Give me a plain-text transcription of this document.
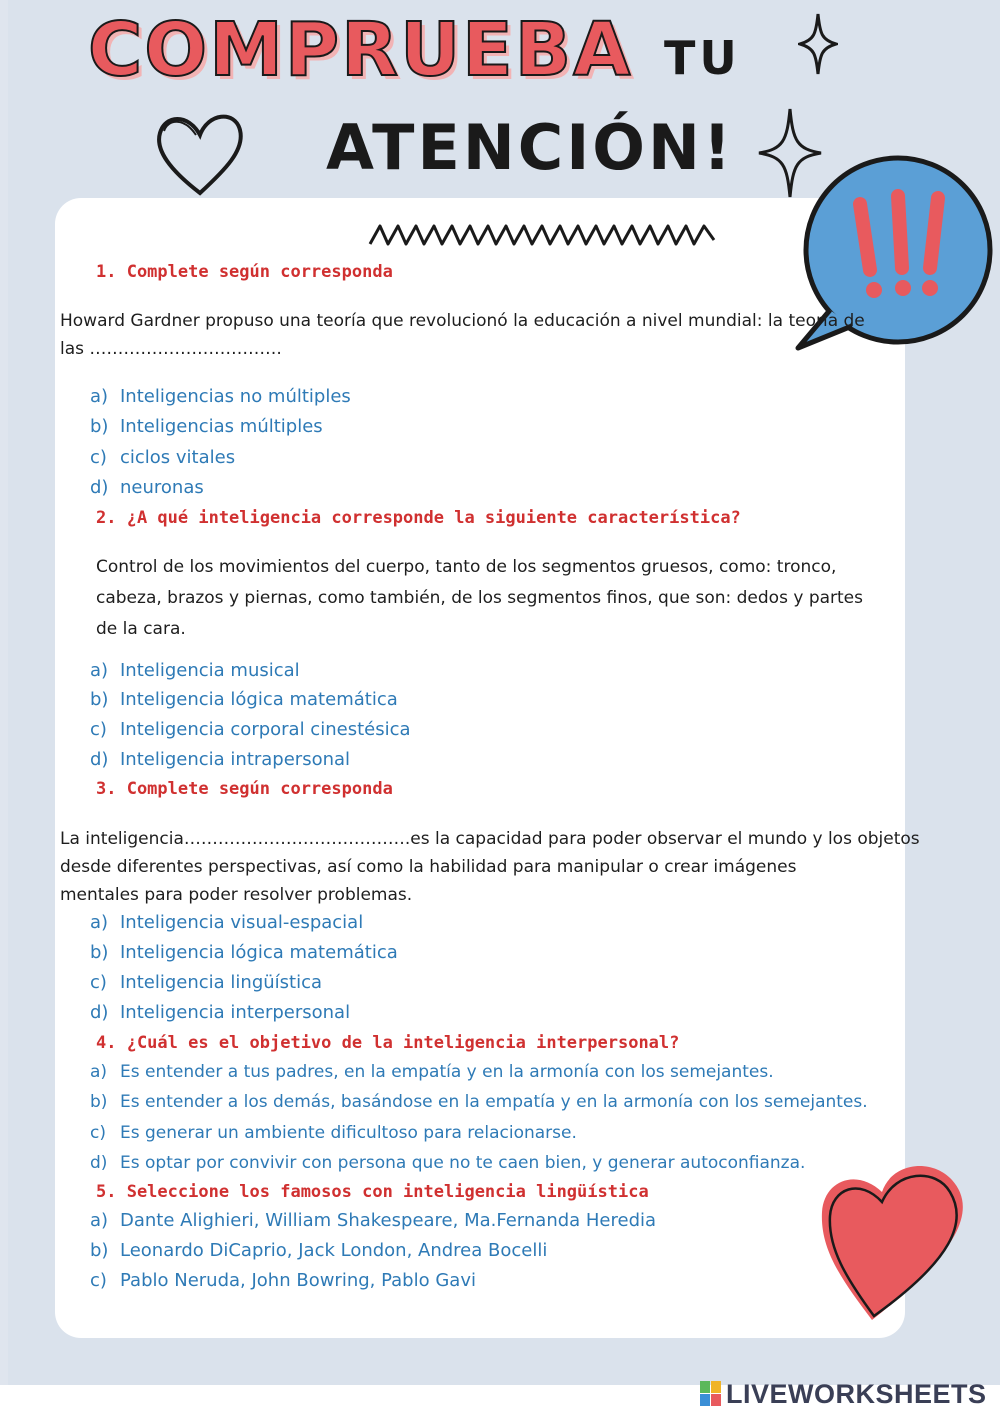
COMPRUEBA TU
ATENCIÓN!
1. Complete según corresponda
Howard Gardner propuso una teoría que revolucionó la educación a nivel mundial: la teoría de
las …………………………….
a) Inteligencias no múltiples
b) Inteligencias múltiples
c) ciclos vitales
d) neuronas
2. ¿A qué inteligencia corresponde la siguiente característica?
Control de los movimientos del cuerpo, tanto de los segmentos gruesos, como: tronco,
cabeza, brazos y piernas, como también, de los segmentos finos, que son: dedos y partes
de la cara.
a) Inteligencia musical
b) Inteligencia lógica matemática
c) Inteligencia corporal cinestésica
d) Inteligencia intrapersonal
3. Complete según corresponda
La inteligencia………………………………….es la capacidad para poder observar el mundo y los objetos
desde diferentes perspectivas, así como la habilidad para manipular o crear imágenes
mentales para poder resolver problemas.
a) Inteligencia visual-espacial
b) Inteligencia lógica matemática
c) Inteligencia lingüística
d) Inteligencia interpersonal
4. ¿Cuál es el objetivo de la inteligencia interpersonal?
a) Es entender a tus padres, en la empatía y en la armonía con los semejantes.
b) Es entender a los demás, basándose en la empatía y en la armonía con los semejantes.
c) Es generar un ambiente dificultoso para relacionarse.
d) Es optar por convivir con persona que no te caen bien, y generar autoconfianza.
5. Seleccione los famosos con inteligencia lingüística
a) Dante Alighieri, William Shakespeare, Ma.Fernanda Heredia
b) Leonardo DiCaprio, Jack London, Andrea Bocelli
c) Pablo Neruda, John Bowring, Pablo Gavi
LIVEWORKSHEETS
